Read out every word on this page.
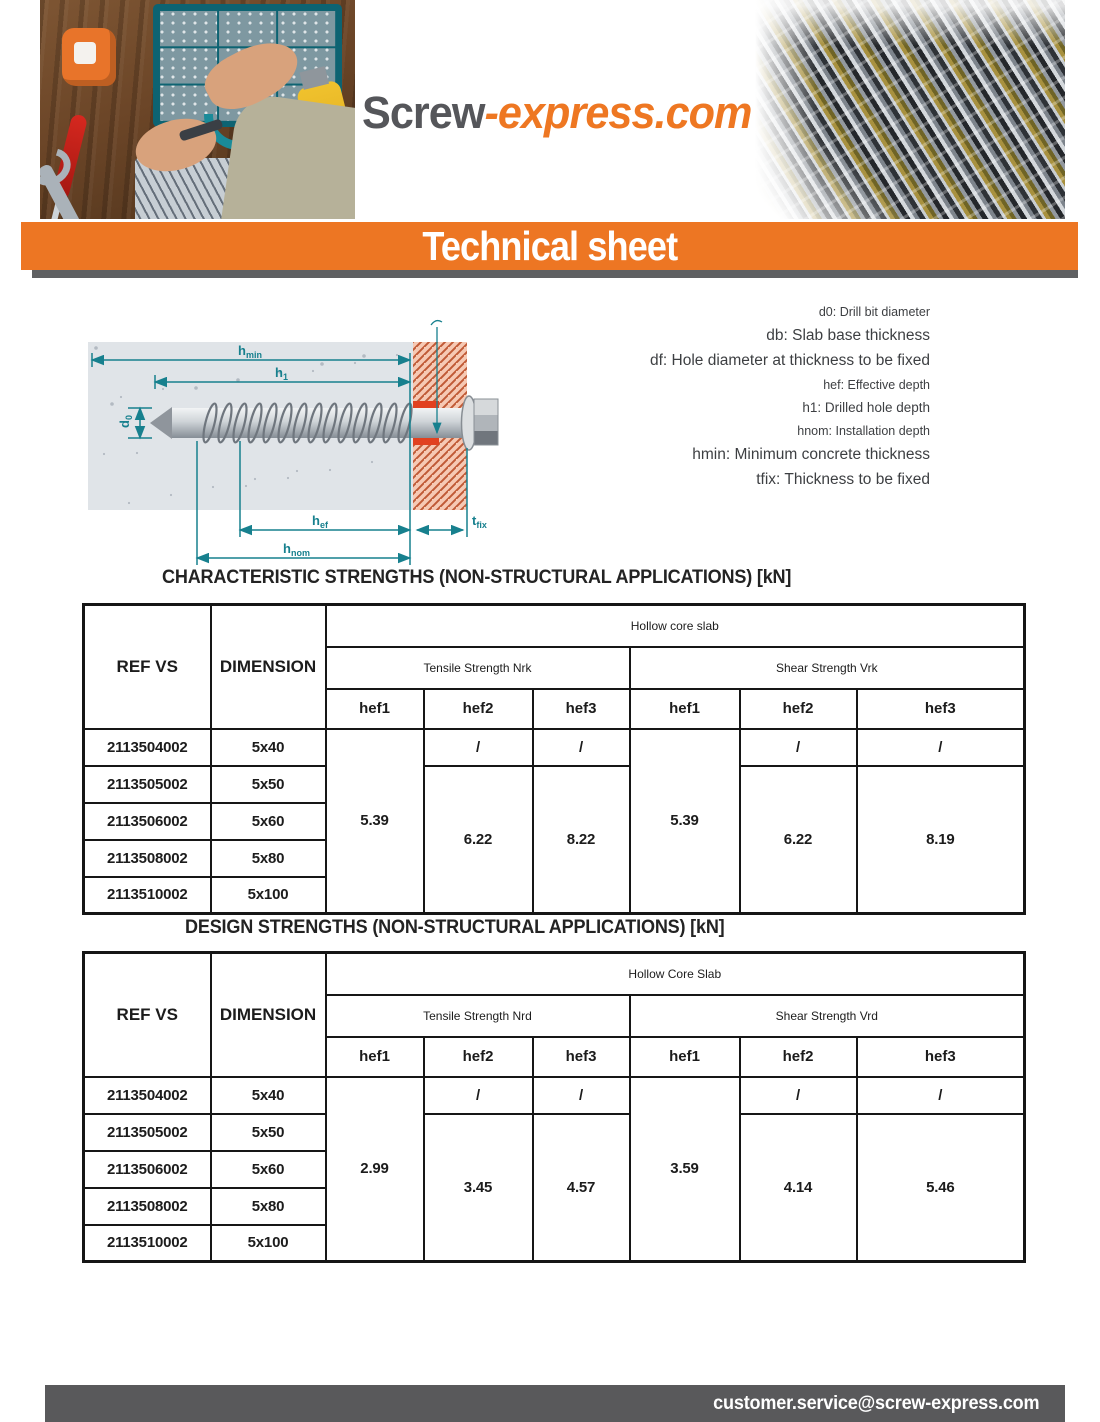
Screw-express.com
Technical sheet
$h_{min}$
$h_1$
$d_0$
$h_{ef}$	$t_{fix}$
$h_{nom}$
d0: Drill bit diameter
db: Slab base thickness
df: Hole diameter at thickness to be fixed
hef: Effective depth
h1: Drilled hole depth
hnom: Installation depth
hmin: Minimum concrete thickness
tfix: Thickness to be fixed
CHARACTERISTIC STRENGTHS (NON-STRUCTURAL APPLICATIONS) [kN]
REF VS	DIMENSION	Hollow core slab					
		Tensile Strength Nrk			Shear Strength Vrk		
		hef1	hef2	hef3	hef1	hef2	hef3
2113504002	5x40	5.39	/	/	5.39	/	/
2113505002	5x50		6.22	8.22		6.22	8.19
2113506002	5x60						
2113508002	5x80						
2113510002	5x100						
DESIGN STRENGTHS (NON-STRUCTURAL APPLICATIONS) [kN]
REF VS	DIMENSION	Hollow Core Slab					
		Tensile Strength Nrd			Shear Strength Vrd		
		hef1	hef2	hef3	hef1	hef2	hef3
2113504002	5x40	2.99	/	/	3.59	/	/
2113505002	5x50		3.45	4.57		4.14	5.46
2113506002	5x60						
2113508002	5x80						
2113510002	5x100						
customer.service@screw-express.com
